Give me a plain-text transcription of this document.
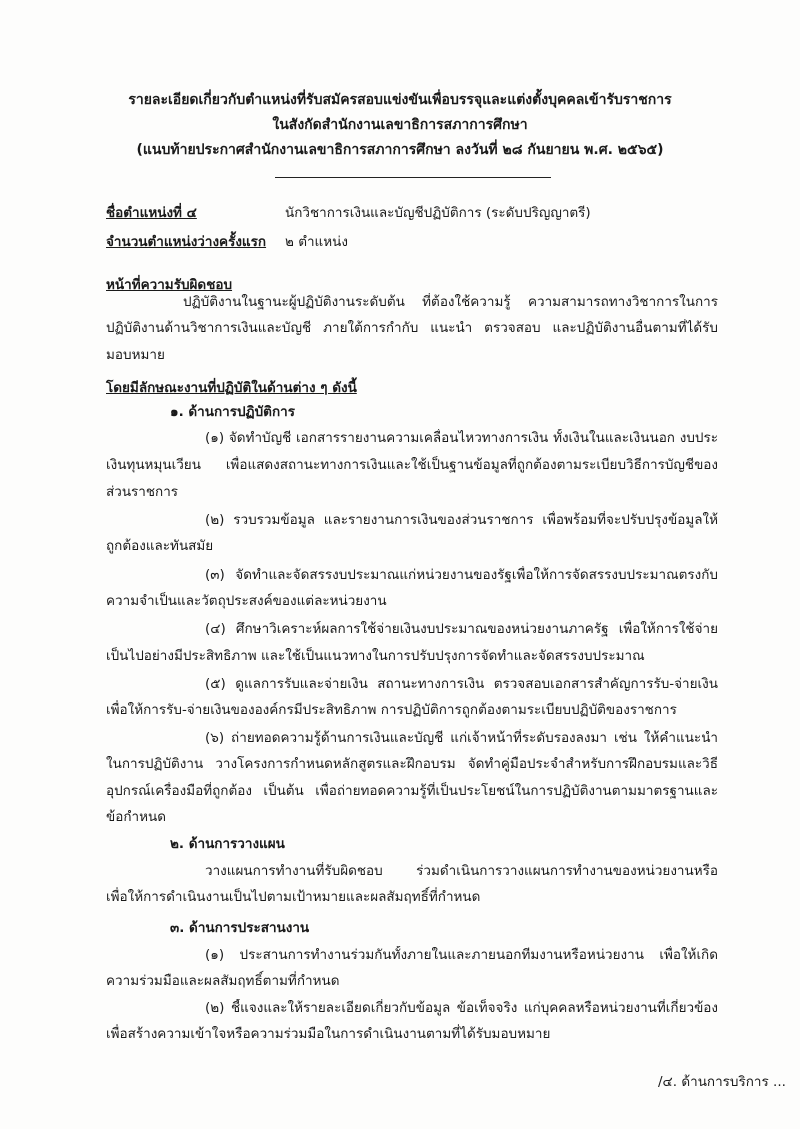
รายละเอียดเกี่ยวกับตำแหน่งที่รับสมัครสอบแข่งขันเพื่อบรรจุและแต่งตั้งบุคคลเข้ารับราชการ
ในสังกัดสำนักงานเลขาธิการสภาการศึกษา
(แนบท้ายประกาศสำนักงานเลขาธิการสภาการศึกษา ลงวันที่ ๒๘ กันยายน พ.ศ. ๒๕๖๕)
ชื่อตำแหน่งที่ ๔	นักวิชาการเงินและบัญชีปฏิบัติการ (ระดับปริญญาตรี)
จำนวนตำแหน่งว่างครั้งแรก ๒ ตำแหน่ง
หน้าที่ความรับผิดชอบ
ปฏิบัติงานในฐานะผู้ปฏิบัติงานระดับต้น ที่ต้องใช้ความรู้ ความสามารถทางวิชาการในการ
ปฏิบัติงานด้านวิชาการเงินและบัญชี ภายใต้การกำกับ แนะนำ ตรวจสอบ และปฏิบัติงานอื่นตามที่ได้รับ
มอบหมาย
โดยมีลักษณะงานที่ปฏิบัติในด้านต่าง ๆ ดังนี้
๑. ด้านการปฏิบัติการ
(๑) จัดทำบัญชี เอกสารรายงานความเคลื่อนไหวทางการเงิน ทั้งเงินในและเงินนอก งบประ
เงินทุนหมุนเวียน เพื่อแสดงสถานะทางการเงินและใช้เป็นฐานข้อมูลที่ถูกต้องตามระเบียบวิธีการบัญชีของ
ส่วนราชการ
(๒) รวบรวมข้อมูล และรายงานการเงินของส่วนราชการ เพื่อพร้อมที่จะปรับปรุงข้อมูลให้
ถูกต้องและทันสมัย
(๓) จัดทำและจัดสรรงบประมาณแก่หน่วยงานของรัฐเพื่อให้การจัดสรรงบประมาณตรงกับ
ความจำเป็นและวัตถุประสงค์ของแต่ละหน่วยงาน
(๔) ศึกษาวิเคราะห์ผลการใช้จ่ายเงินงบประมาณของหน่วยงานภาครัฐ เพื่อให้การใช้จ่าย
เป็นไปอย่างมีประสิทธิภาพ และใช้เป็นแนวทางในการปรับปรุงการจัดทำและจัดสรรงบประมาณ
(๕) ดูแลการรับและจ่ายเงิน สถานะทางการเงิน ตรวจสอบเอกสารสำคัญการรับ-จ่ายเงิน
เพื่อให้การรับ-จ่ายเงินขององค์กรมีประสิทธิภาพ การปฏิบัติการถูกต้องตามระเบียบปฏิบัติของราชการ
(๖) ถ่ายทอดความรู้ด้านการเงินและบัญชี แก่เจ้าหน้าที่ระดับรองลงมา เช่น ให้คำแนะนำ
ในการปฏิบัติงาน วางโครงการกำหนดหลักสูตรและฝึกอบรม จัดทำคู่มือประจำสำหรับการฝึกอบรมและวิธี
อุปกรณ์เครื่องมือที่ถูกต้อง เป็นต้น เพื่อถ่ายทอดความรู้ที่เป็นประโยชน์ในการปฏิบัติงานตามมาตรฐานและ
ข้อกำหนด
๒. ด้านการวางแผน
วางแผนการทำงานที่รับผิดชอบ ร่วมดำเนินการวางแผนการทำงานของหน่วยงานหรือ
เพื่อให้การดำเนินงานเป็นไปตามเป้าหมายและผลสัมฤทธิ์ที่กำหนด
๓. ด้านการประสานงาน
(๑) ประสานการทำงานร่วมกันทั้งภายในและภายนอกทีมงานหรือหน่วยงาน เพื่อให้เกิด
ความร่วมมือและผลสัมฤทธิ์ตามที่กำหนด
(๒) ชี้แจงและให้รายละเอียดเกี่ยวกับข้อมูล ข้อเท็จจริง แก่บุคคลหรือหน่วยงานที่เกี่ยวข้อง
เพื่อสร้างความเข้าใจหรือความร่วมมือในการดำเนินงานตามที่ได้รับมอบหมาย
/๔. ด้านการบริการ ...
